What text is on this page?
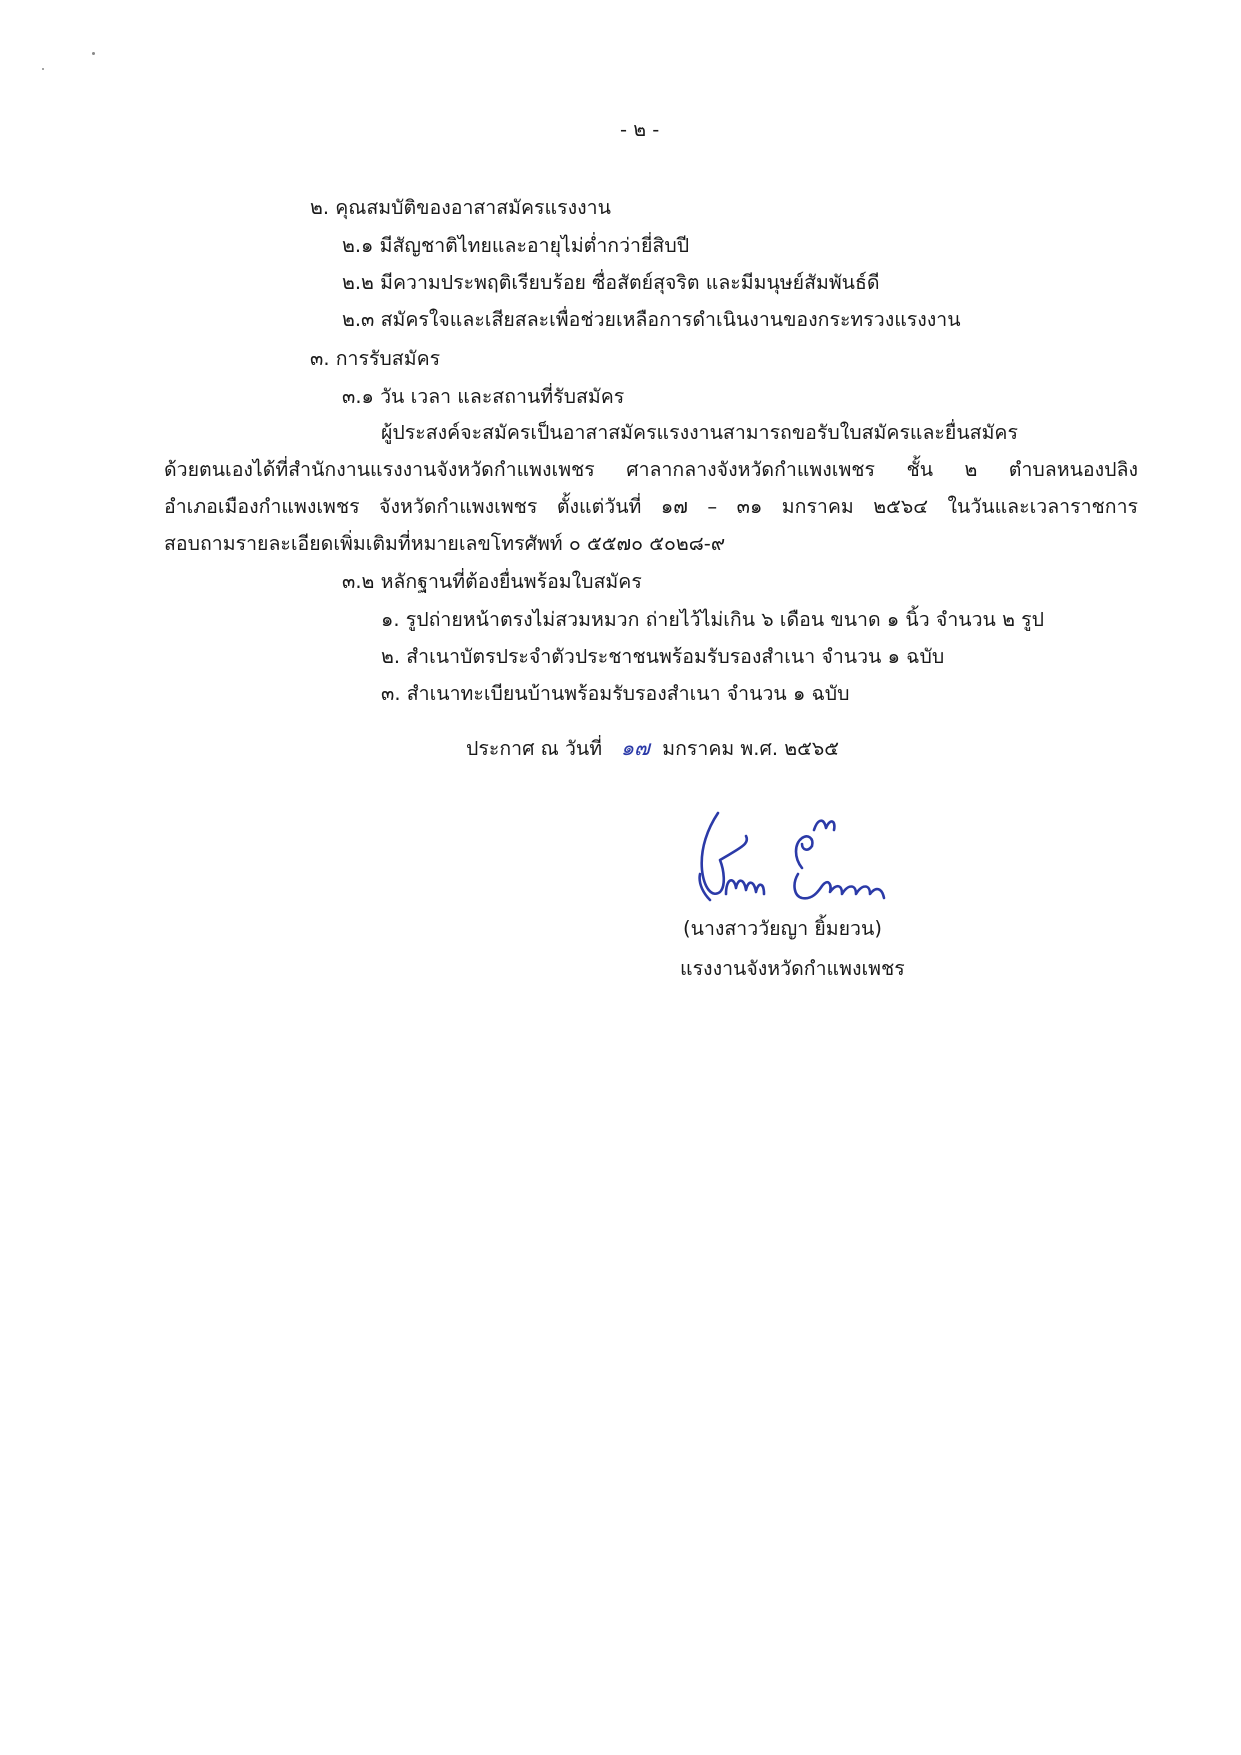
- ๒ -
๒. คุณสมบัติของอาสาสมัครแรงงาน
๒.๑ มีสัญชาติไทยและอายุไม่ต่ำกว่ายี่สิบปี
๒.๒ มีความประพฤติเรียบร้อย ซื่อสัตย์สุจริต และมีมนุษย์สัมพันธ์ดี
๒.๓ สมัครใจและเสียสละเพื่อช่วยเหลือการดำเนินงานของกระทรวงแรงงาน
๓. การรับสมัคร
๓.๑ วัน เวลา และสถานที่รับสมัคร
ผู้ประสงค์จะสมัครเป็นอาสาสมัครแรงงานสามารถขอรับใบสมัครและยื่นสมัคร
ด้วยตนเองได้ที่สำนักงานแรงงานจังหวัดกำแพงเพชร ศาลากลางจังหวัดกำแพงเพชร ชั้น ๒ ตำบลหนองปลิง
อำเภอเมืองกำแพงเพชร จังหวัดกำแพงเพชร ตั้งแต่วันที่ ๑๗ – ๓๑ มกราคม ๒๕๖๔ ในวันและเวลาราชการ
สอบถามรายละเอียดเพิ่มเติมที่หมายเลขโทรศัพท์ ๐ ๕๕๗๐ ๕๐๒๘-๙
๓.๒ หลักฐานที่ต้องยื่นพร้อมใบสมัคร
๑. รูปถ่ายหน้าตรงไม่สวมหมวก ถ่ายไว้ไม่เกิน ๖ เดือน ขนาด ๑ นิ้ว จำนวน ๒ รูป
๒. สำเนาบัตรประจำตัวประชาชนพร้อมรับรองสำเนา จำนวน ๑ ฉบับ
๓. สำเนาทะเบียนบ้านพร้อมรับรองสำเนา จำนวน ๑ ฉบับ
ประกาศ ณ วันที่ ๑๗ มกราคม พ.ศ. ๒๕๖๕
(นางสาววัยญา ยิ้มยวน)
แรงงานจังหวัดกำแพงเพชร
